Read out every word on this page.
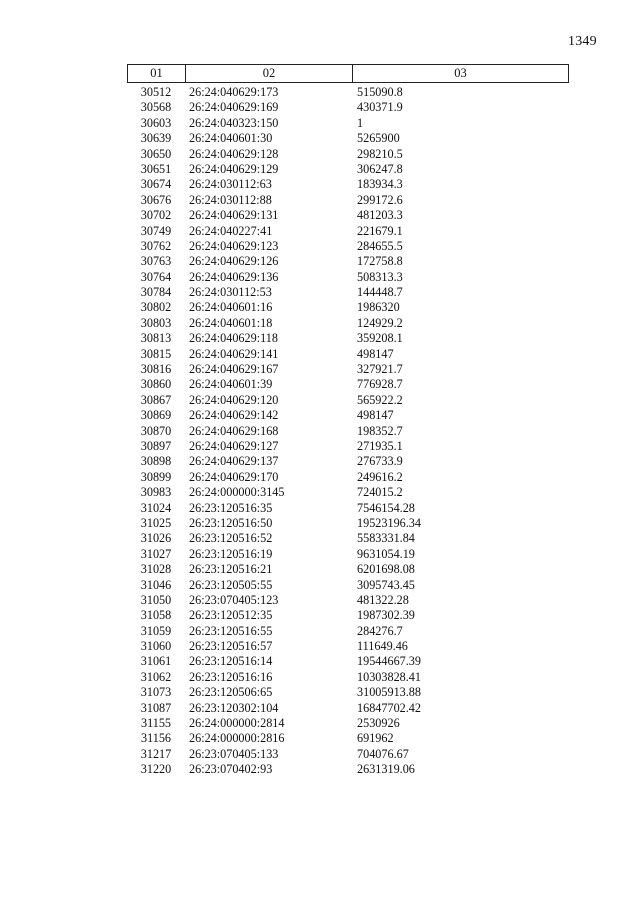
1349
01	02	03
30512	26:24:040629:173	515090.8
30568	26:24:040629:169	430371.9
30603	26:24:040323:150	1
30639	26:24:040601:30	5265900
30650	26:24:040629:128	298210.5
30651	26:24:040629:129	306247.8
30674	26:24:030112:63	183934.3
30676	26:24:030112:88	299172.6
30702	26:24:040629:131	481203.3
30749	26:24:040227:41	221679.1
30762	26:24:040629:123	284655.5
30763	26:24:040629:126	172758.8
30764	26:24:040629:136	508313.3
30784	26:24:030112:53	144448.7
30802	26:24:040601:16	1986320
30803	26:24:040601:18	124929.2
30813	26:24:040629:118	359208.1
30815	26:24:040629:141	498147
30816	26:24:040629:167	327921.7
30860	26:24:040601:39	776928.7
30867	26:24:040629:120	565922.2
30869	26:24:040629:142	498147
30870	26:24:040629:168	198352.7
30897	26:24:040629:127	271935.1
30898	26:24:040629:137	276733.9
30899	26:24:040629:170	249616.2
30983	26:24:000000:3145	724015.2
31024	26:23:120516:35	7546154.28
31025	26:23:120516:50	19523196.34
31026	26:23:120516:52	5583331.84
31027	26:23:120516:19	9631054.19
31028	26:23:120516:21	6201698.08
31046	26:23:120505:55	3095743.45
31050	26:23:070405:123	481322.28
31058	26:23:120512:35	1987302.39
31059	26:23:120516:55	284276.7
31060	26:23:120516:57	111649.46
31061	26:23:120516:14	19544667.39
31062	26:23:120516:16	10303828.41
31073	26:23:120506:65	31005913.88
31087	26:23:120302:104	16847702.42
31155	26:24:000000:2814	2530926
31156	26:24:000000:2816	691962
31217	26:23:070405:133	704076.67
31220	26:23:070402:93	2631319.06
